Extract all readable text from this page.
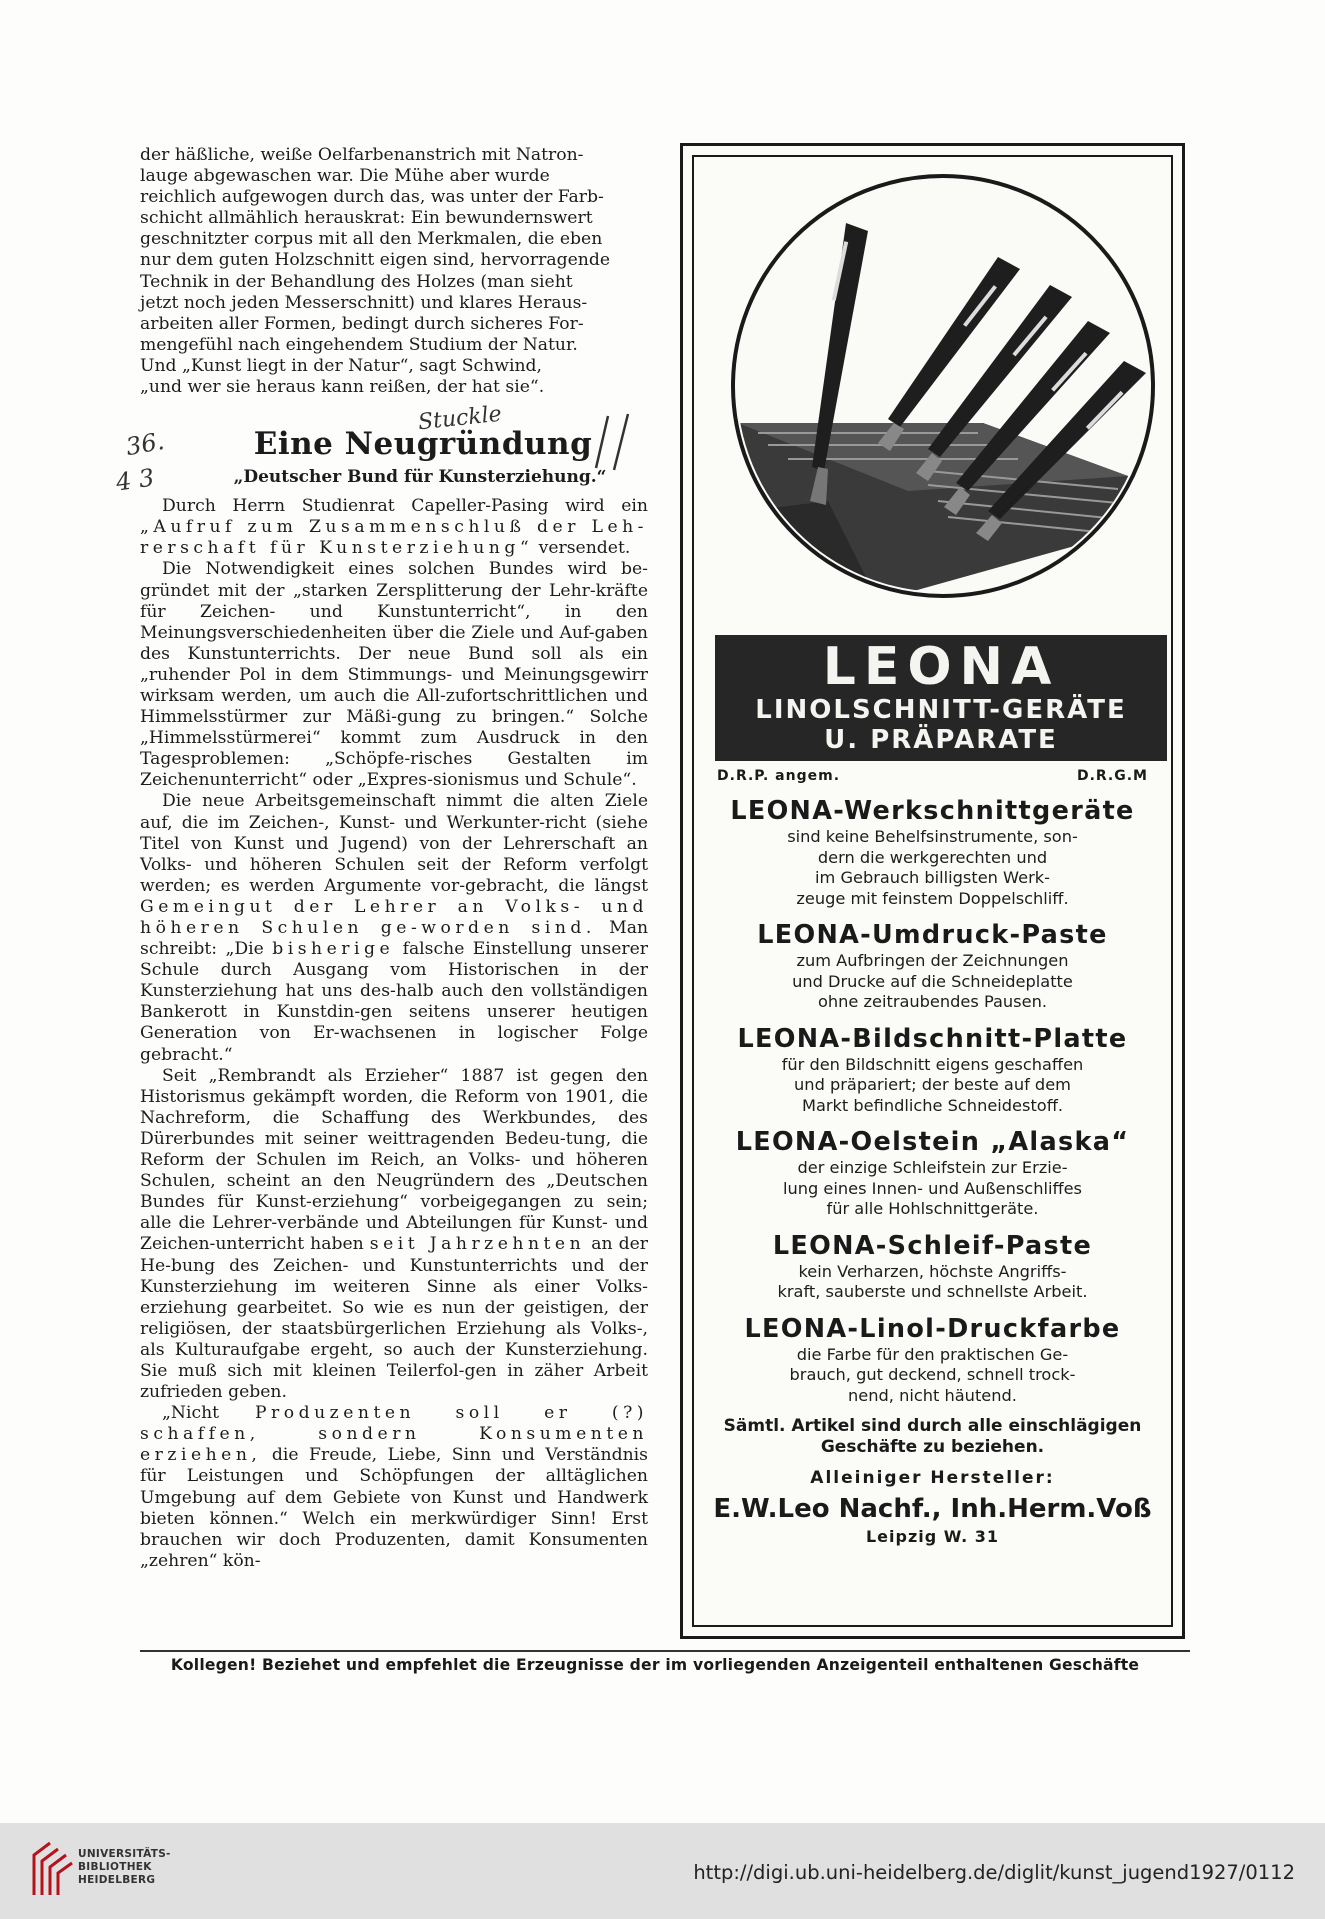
der häßliche, weiße Oelfarbenanstrich mit Natron-
lauge abgewaschen war. Die Mühe aber wurde
reichlich aufgewogen durch das, was unter der Farb-
schicht allmählich herauskrat: Ein bewundernswert
geschnitzter corpus mit all den Merkmalen, die eben
nur dem guten Holzschnitt eigen sind, hervorragende
Technik in der Behandlung des Holzes (man sieht
jetzt noch jeden Messerschnitt) und klares Heraus-
arbeiten aller Formen, bedingt durch sicheres For-
mengefühl nach eingehendem Studium der Natur.
Und „Kunst liegt in der Natur“, sagt Schwind,
„und wer sie heraus kann reißen, der hat sie“.
Eine Neugründung
„Deutscher Bund für Kunsterziehung.“

Durch Herrn Studienrat Capeller-Pasing wird ein „Aufruf zum Zusammenschluß der Leh-rerschaft für Kunsterziehung“ versendet.

Die Notwendigkeit eines solchen Bundes wird be-gründet mit der „starken Zersplitterung der Lehr-kräfte für Zeichen- und Kunstunterricht“, in den Meinungsverschiedenheiten über die Ziele und Auf-gaben des Kunstunterrichts. Der neue Bund soll als ein „ruhender Pol in dem Stimmungs- und Meinungsgewirr wirksam werden, um auch die All-zufortschrittlichen und Himmelsstürmer zur Mäßi-gung zu bringen.“ Solche „Himmelsstürmerei“ kommt zum Ausdruck in den Tagesproblemen: „Schöpfe-risches Gestalten im Zeichenunterricht“ oder „Expres-sionismus und Schule“.

Die neue Arbeitsgemeinschaft nimmt die alten Ziele auf, die im Zeichen-, Kunst- und Werkunter-richt (siehe Titel von Kunst und Jugend) von der Lehrerschaft an Volks- und höheren Schulen seit der Reform verfolgt werden; es werden Argumente vor-gebracht, die längst Gemeingut der Lehrer an Volks- und höheren Schulen ge-worden sind. Man schreibt: „Die bisherige falsche Einstellung unserer Schule durch Ausgang vom Historischen in der Kunsterziehung hat uns des-halb auch den vollständigen Bankerott in Kunstdin-gen seitens unserer heutigen Generation von Er-wachsenen in logischer Folge gebracht.“

Seit „Rembrandt als Erzieher“ 1887 ist gegen den Historismus gekämpft worden, die Reform von 1901, die Nachreform, die Schaffung des Werkbundes, des Dürerbundes mit seiner weittragenden Bedeu-tung, die Reform der Schulen im Reich, an Volks- und höheren Schulen, scheint an den Neugründern des „Deutschen Bundes für Kunst-erziehung“ vorbeigegangen zu sein; alle die Lehrer-verbände und Abteilungen für Kunst- und Zeichen-unterricht haben seit Jahrzehnten an der He-bung des Zeichen- und Kunstunterrichts und der Kunsterziehung im weiteren Sinne als einer Volks-erziehung gearbeitet. So wie es nun der geistigen, der religiösen, der staatsbürgerlichen Erziehung als Volks-, als Kulturaufgabe ergeht, so auch der Kunsterziehung. Sie muß sich mit kleinen Teilerfol-gen in zäher Arbeit zufrieden geben.

„Nicht Produzenten soll er (?) schaffen, sondern Konsumenten erziehen, die Freude, Liebe, Sinn und Verständnis für Leistungen und Schöpfungen der alltäglichen Umgebung auf dem Gebiete von Kunst und Handwerk bieten können.“ Welch ein merkwürdiger Sinn! Erst brauchen wir doch Produzenten, damit Konsumenten „zehren“ kön-

Stuckle
36.
4 3
LEONA
LINOLSCHNITT-GERÄTE
U. PRÄPARATE
D.R.P. angem.	D.R.G.M
LEONA-Werkschnittgeräte
sind keine Behelfsinstrumente, son-
dern die werkgerechten und
im Gebrauch billigsten Werk-
zeuge mit feinstem Doppelschliff.
LEONA-Umdruck-Paste
zum Aufbringen der Zeichnungen
und Drucke auf die Schneideplatte
ohne zeitraubendes Pausen.
LEONA-Bildschnitt-Platte
für den Bildschnitt eigens geschaffen
und präpariert; der beste auf dem
Markt befindliche Schneidestoff.
LEONA-Oelstein „Alaska“
der einzige Schleifstein zur Erzie-
lung eines Innen- und Außenschliffes
für alle Hohlschnittgeräte.
LEONA-Schleif-Paste
kein Verharzen, höchste Angriffs-
kraft, sauberste und schnellste Arbeit.
LEONA-Linol-Druckfarbe
die Farbe für den praktischen Ge-
brauch, gut deckend, schnell trock-
nend, nicht häutend.
Sämtl. Artikel sind durch alle einschlägigen
Geschäfte zu beziehen.
Alleiniger Hersteller:
E.W.Leo Nachf., Inh.Herm.Voß
Leipzig W. 31
Kollegen! Beziehet und empfehlet die Erzeugnisse der im vorliegenden Anzeigenteil enthaltenen Geschäfte
UNIVERSITÄTS-
BIBLIOTHEK
HEIDELBERG	http://digi.ub.uni-heidelberg.de/diglit/kunst_jugend1927/0112
